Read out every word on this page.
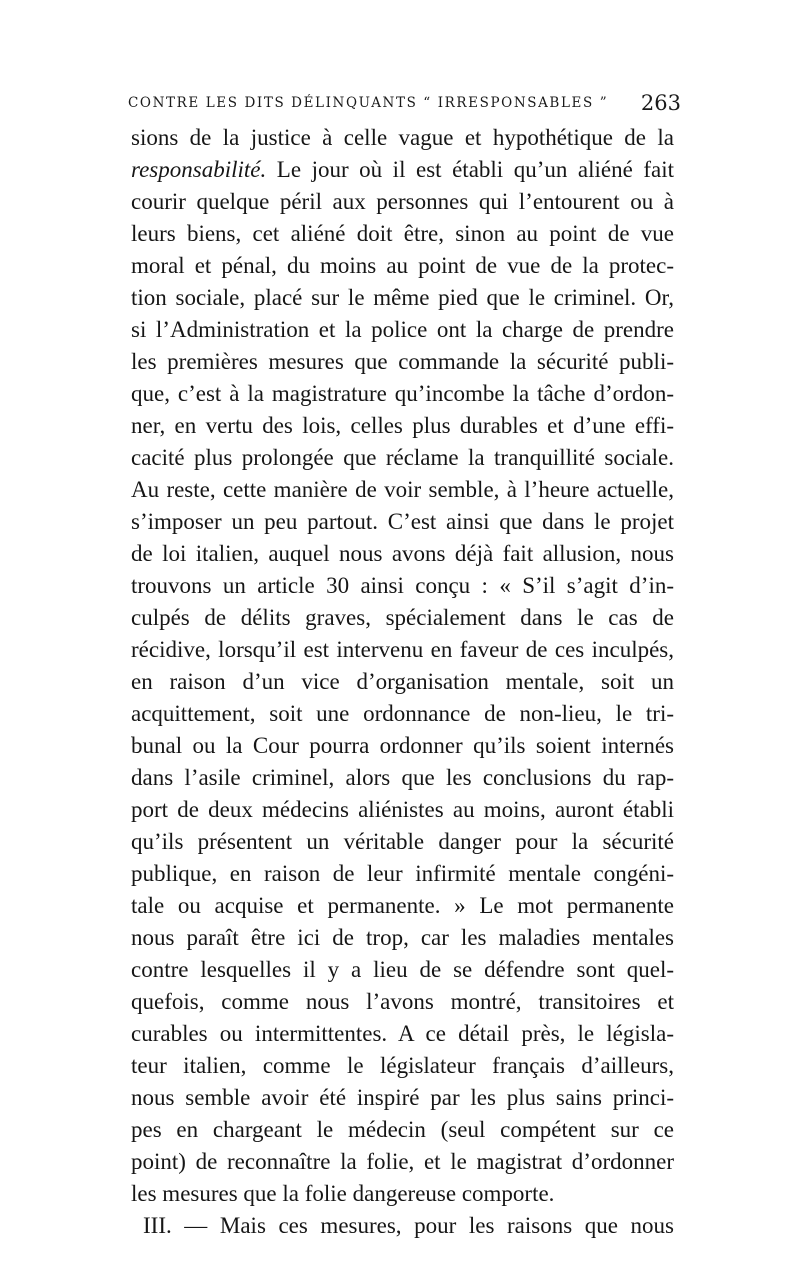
CONTRE LES DITS DÉLINQUANTS “ IRRESPONSABLES ” 263
sions de la justice à celle vague et hypothétique de la
responsabilité. Le jour où il est établi qu’un aliéné fait
courir quelque péril aux personnes qui l’entourent ou à
leurs biens, cet aliéné doit être, sinon au point de vue
moral et pénal, du moins au point de vue de la protec-
tion sociale, placé sur le même pied que le criminel. Or,
si l’Administration et la police ont la charge de prendre
les premières mesures que commande la sécurité publi-
que, c’est à la magistrature qu’incombe la tâche d’ordon-
ner, en vertu des lois, celles plus durables et d’une effi-
cacité plus prolongée que réclame la tranquillité sociale.
Au reste, cette manière de voir semble, à l’heure actuelle,
s’imposer un peu partout. C’est ainsi que dans le projet
de loi italien, auquel nous avons déjà fait allusion, nous
trouvons un article 30 ainsi conçu : « S’il s’agit d’in-
culpés de délits graves, spécialement dans le cas de
récidive, lorsqu’il est intervenu en faveur de ces inculpés,
en raison d’un vice d’organisation mentale, soit un
acquittement, soit une ordonnance de non-lieu, le tri-
bunal ou la Cour pourra ordonner qu’ils soient internés
dans l’asile criminel, alors que les conclusions du rap-
port de deux médecins aliénistes au moins, auront établi
qu’ils présentent un véritable danger pour la sécurité
publique, en raison de leur infirmité mentale congéni-
tale ou acquise et permanente. » Le mot permanente
nous paraît être ici de trop, car les maladies mentales
contre lesquelles il y a lieu de se défendre sont quel-
quefois, comme nous l’avons montré, transitoires et
curables ou intermittentes. A ce détail près, le législa-
teur italien, comme le législateur français d’ailleurs,
nous semble avoir été inspiré par les plus sains princi-
pes en chargeant le médecin (seul compétent sur ce
point) de reconnaître la folie, et le magistrat d’ordonner
les mesures que la folie dangereuse comporte.
III. — Mais ces mesures, pour les raisons que nous
